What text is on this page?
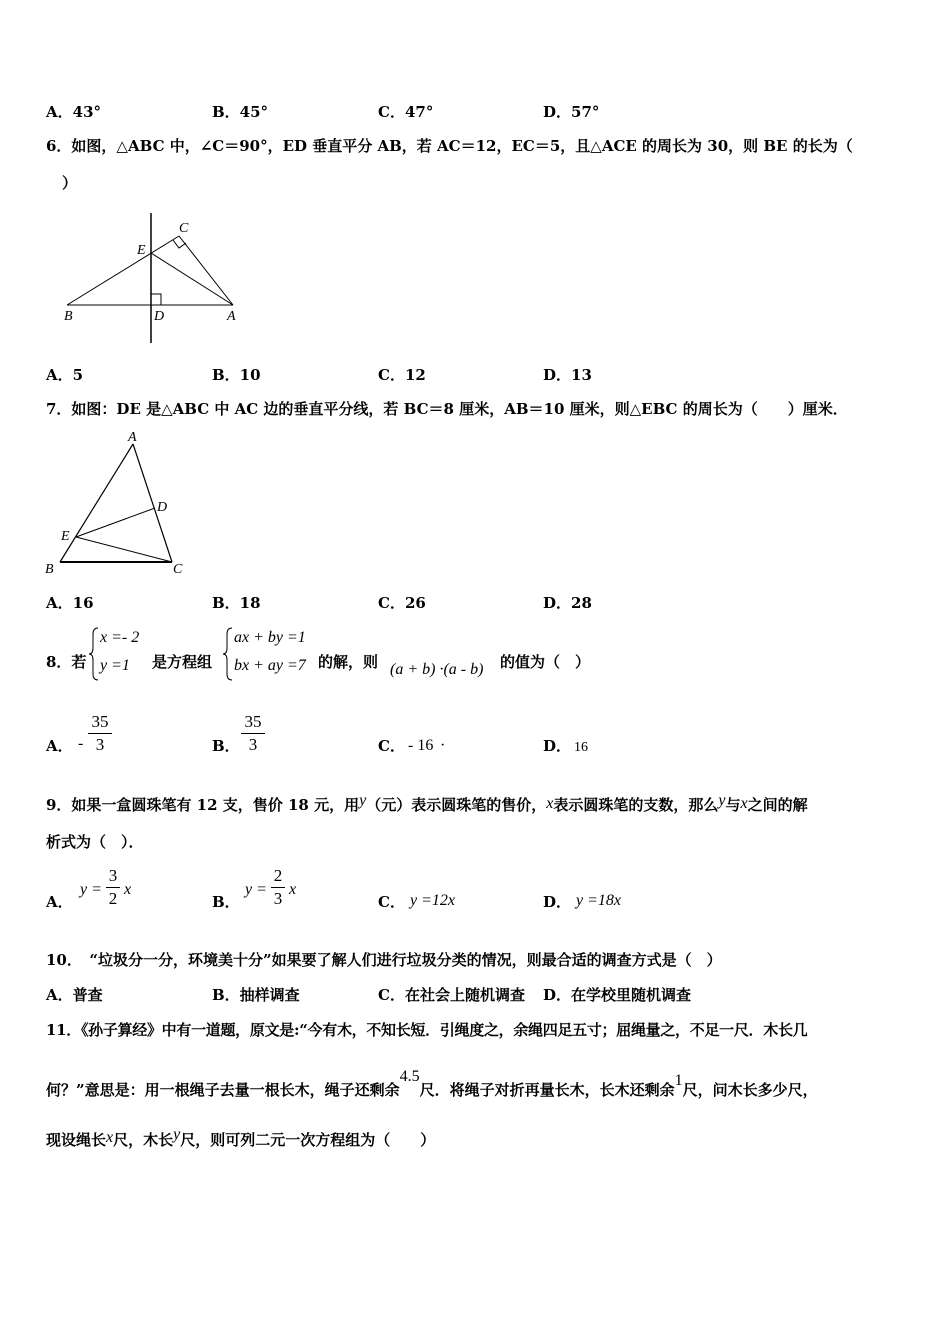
A．43°	B．45°	C．47°	D．57°
6．如图，△ABC 中，∠C＝90°，ED 垂直平分 AB，若 AC＝12，EC＝5，且△ACE 的周长为 30，则 BE 的长为（
）
C
E
B	D	A
A．5	B．10	C．12	D．13
7．如图：DE 是△ABC 中 AC 边的垂直平分线，若 BC＝8 厘米，AB＝10 厘米，则△EBC 的周长为（　　）厘米．
A
D
E
B	C
A．16	B．18	C．26	D．28
8．若
x =- 2
y =1 是方程组
ax + by =1
bx + ay =7 的解，则 (a + b) ·(a - b) 的值为（　）
A． -
35
3	B．
35
3	C． - 16 ·	D． 16
9．如果一盒圆珠笔有 12 支，售价 18 元，用y（元）表示圆珠笔的售价，x表示圆珠笔的支数，那么y与x之间的解
析式为（　）．
A．
y =
3
2 x
B．
y =
2
3 x
C． y =12x	D． y =18x
10．　“垃圾分一分，环境美十分”如果要了解人们进行垃圾分类的情况，则最合适的调查方式是（　）
A．普查	B．抽样调查	C．在社会上随机调查 D．在学校里随机调查
11．《孙子算经》中有一道题，原文是:“今有木，不知长短．引绳度之，余绳四足五寸；屈绳量之，不足一尺．木长几
何？”意思是：用一根绳子去量一根长木，绳子还剩余4.5尺．将绳子对折再量长木，长木还剩余1尺，问木长多少尺，
现设绳长x尺，木长y尺，则可列二元一次方程组为（　　）
